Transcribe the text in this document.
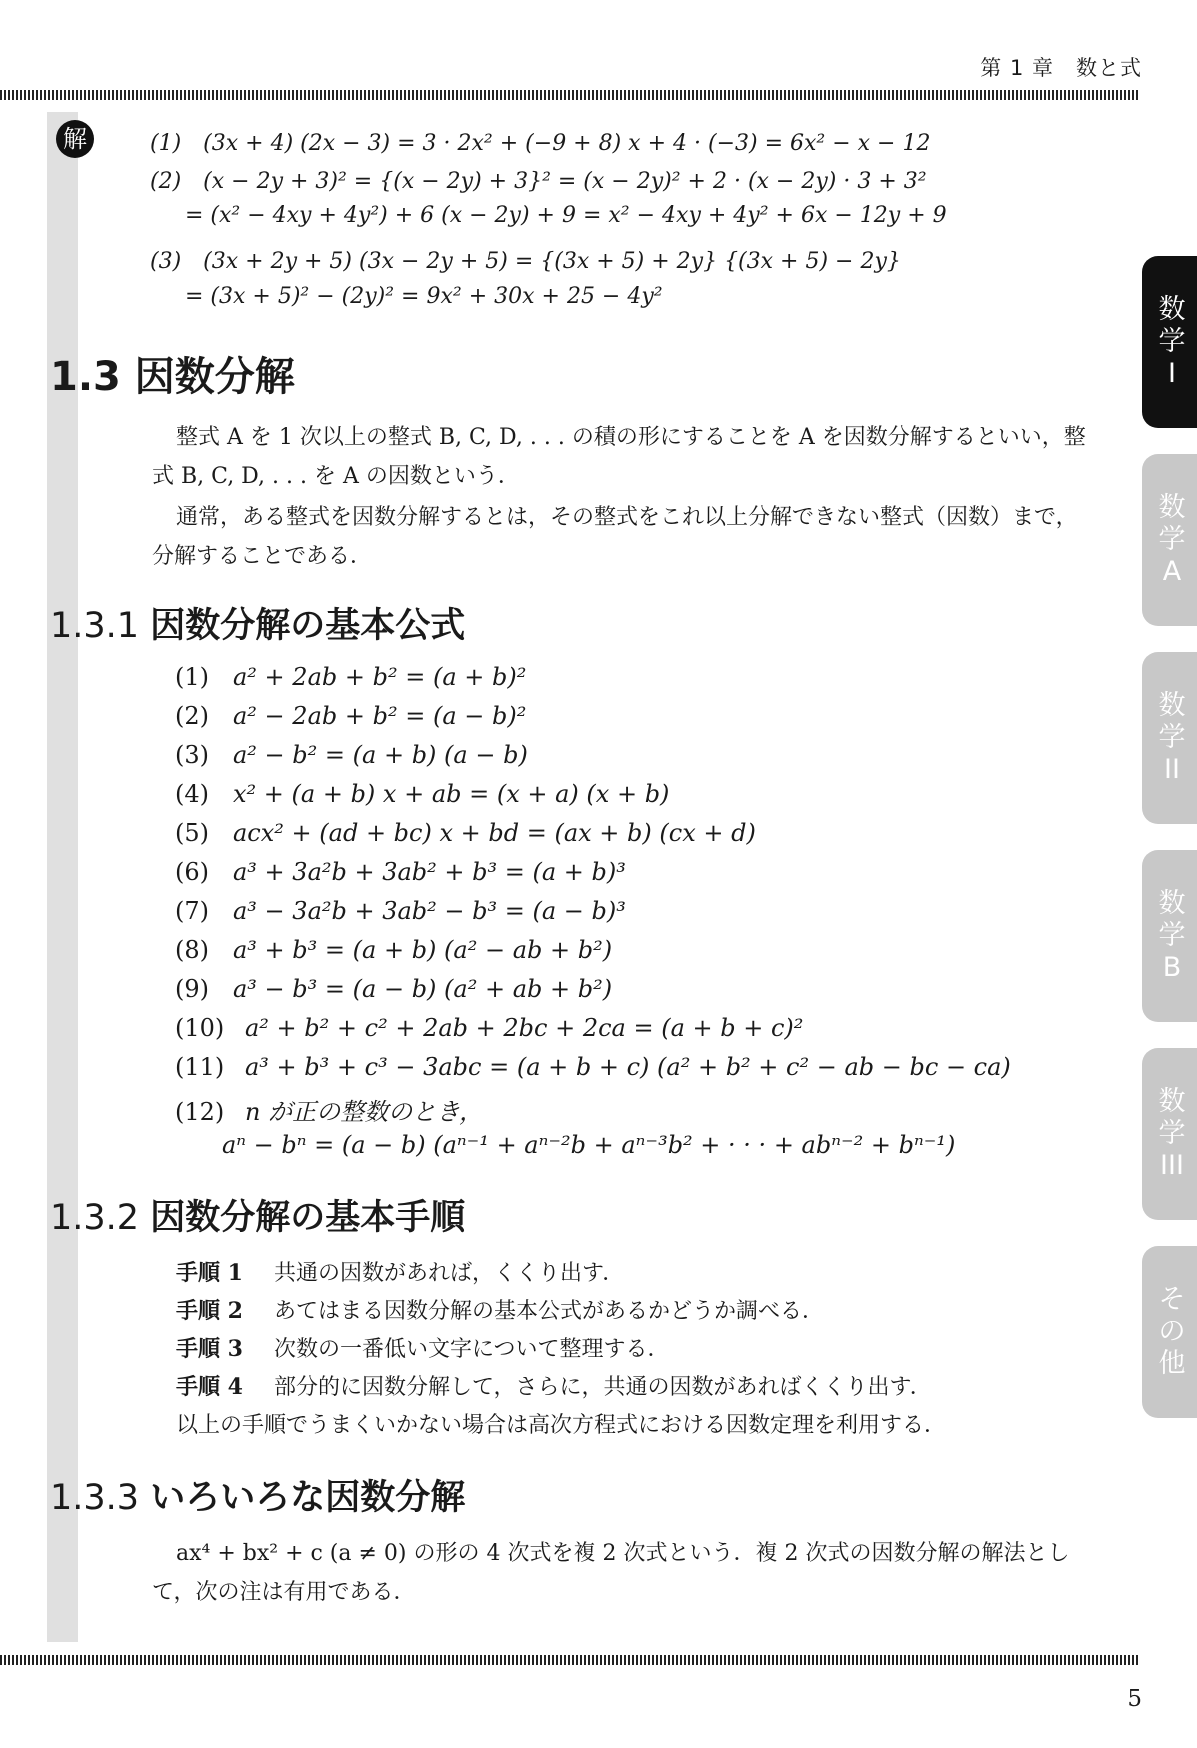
第 1 章　数と式
解	(1)　(3x + 4) (2x − 3) = 3 · 2x² + (−9 + 8) x + 4 · (−3) = 6x² − x − 12
(2)　(x − 2y + 3)² = {(x − 2y) + 3}² = (x − 2y)² + 2 · (x − 2y) · 3 + 3²
= (x² − 4xy + 4y²) + 6 (x − 2y) + 9 = x² − 4xy + 4y² + 6x − 12y + 9
(3)　(3x + 2y + 5) (3x − 2y + 5) = {(3x + 5) + 2y} {(3x + 5) − 2y}
= (3x + 5)² − (2y)² = 9x² + 30x + 25 − 4y²
1.3 因数分解
整式 A を 1 次以上の整式 B, C, D, . . . の積の形にすることを A を因数分解するといい，整式 B, C, D, . . . を A の因数という．
通常，ある整式を因数分解するとは，その整式をこれ以上分解できない整式（因数）まで，分解することである．
1.3.1 因数分解の基本公式
(1) a² + 2ab + b² = (a + b)²
(2) a² − 2ab + b² = (a − b)²
(3) a² − b² = (a + b) (a − b)
(4) x² + (a + b) x + ab = (x + a) (x + b)
(5) acx² + (ad + bc) x + bd = (ax + b) (cx + d)
(6) a³ + 3a²b + 3ab² + b³ = (a + b)³
(7) a³ − 3a²b + 3ab² − b³ = (a − b)³
(8) a³ + b³ = (a + b) (a² − ab + b²)
(9) a³ − b³ = (a − b) (a² + ab + b²)
(10) a² + b² + c² + 2ab + 2bc + 2ca = (a + b + c)²
(11) a³ + b³ + c³ − 3abc = (a + b + c) (a² + b² + c² − ab − bc − ca)
(12) n が正の整数のとき，
aⁿ − bⁿ = (a − b) (aⁿ⁻¹ + aⁿ⁻²b + aⁿ⁻³b² + · · · + abⁿ⁻² + bⁿ⁻¹)
1.3.2 因数分解の基本手順
手順 1 共通の因数があれば，くくり出す．
手順 2 あてはまる因数分解の基本公式があるかどうか調べる．
手順 3 次数の一番低い文字について整理する．
手順 4 部分的に因数分解して，さらに，共通の因数があればくくり出す．
以上の手順でうまくいかない場合は高次方程式における因数定理を利用する．
1.3.3 いろいろな因数分解
ax⁴ + bx² + c (a ≠ 0) の形の 4 次式を複 2 次式という．複 2 次式の因数分解の解法として，次の注は有用である．
5
数
学
I
数
学
A
数
学
II
数
学
B
数
学
III
そ
の
他
